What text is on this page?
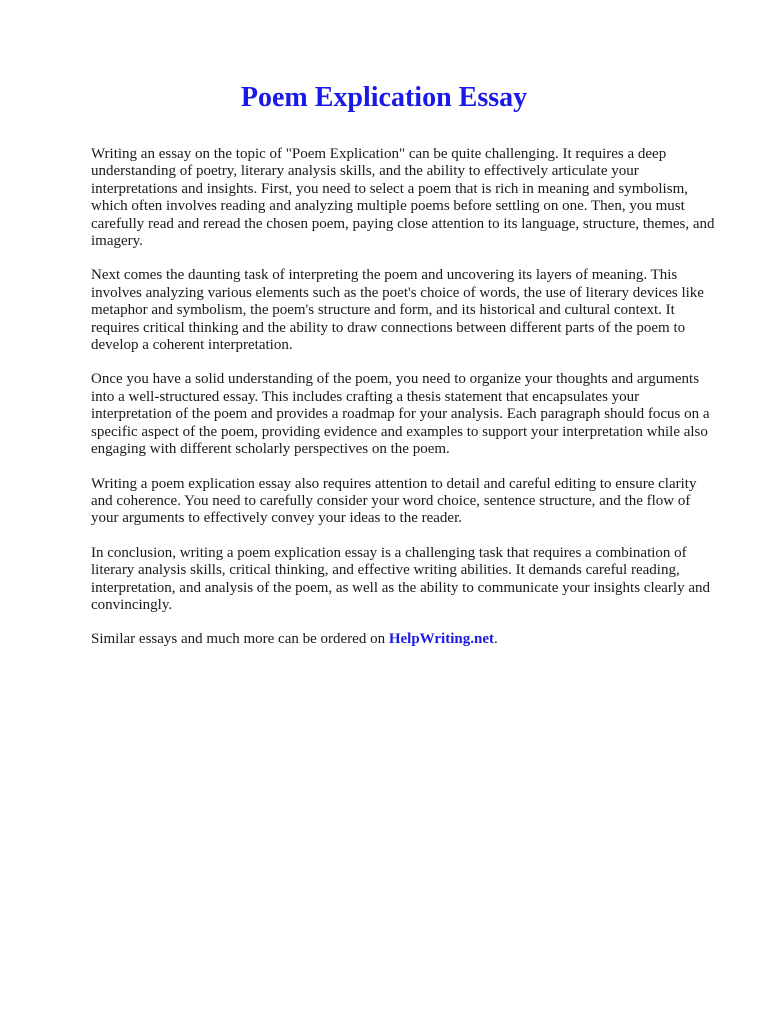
Poem Explication Essay

Writing an essay on the topic of "Poem Explication" can be quite challenging. It requires a deep understanding of poetry, literary analysis skills, and the ability to effectively articulate your interpretations and insights. First, you need to select a poem that is rich in meaning and symbolism, which often involves reading and analyzing multiple poems before settling on one. Then, you must carefully read and reread the chosen poem, paying close attention to its language, structure, themes, and imagery.

Next comes the daunting task of interpreting the poem and uncovering its layers of meaning. This involves analyzing various elements such as the poet's choice of words, the use of literary devices like metaphor and symbolism, the poem's structure and form, and its historical and cultural context. It requires critical thinking and the ability to draw connections between different parts of the poem to develop a coherent interpretation.

Once you have a solid understanding of the poem, you need to organize your thoughts and arguments into a well-structured essay. This includes crafting a thesis statement that encapsulates your interpretation of the poem and provides a roadmap for your analysis. Each paragraph should focus on a specific aspect of the poem, providing evidence and examples to support your interpretation while also engaging with different scholarly perspectives on the poem.

Writing a poem explication essay also requires attention to detail and careful editing to ensure clarity and coherence. You need to carefully consider your word choice, sentence structure, and the flow of your arguments to effectively convey your ideas to the reader.

In conclusion, writing a poem explication essay is a challenging task that requires a combination of literary analysis skills, critical thinking, and effective writing abilities. It demands careful reading, interpretation, and analysis of the poem, as well as the ability to communicate your insights clearly and convincingly.

Similar essays and much more can be ordered on HelpWriting.net.
